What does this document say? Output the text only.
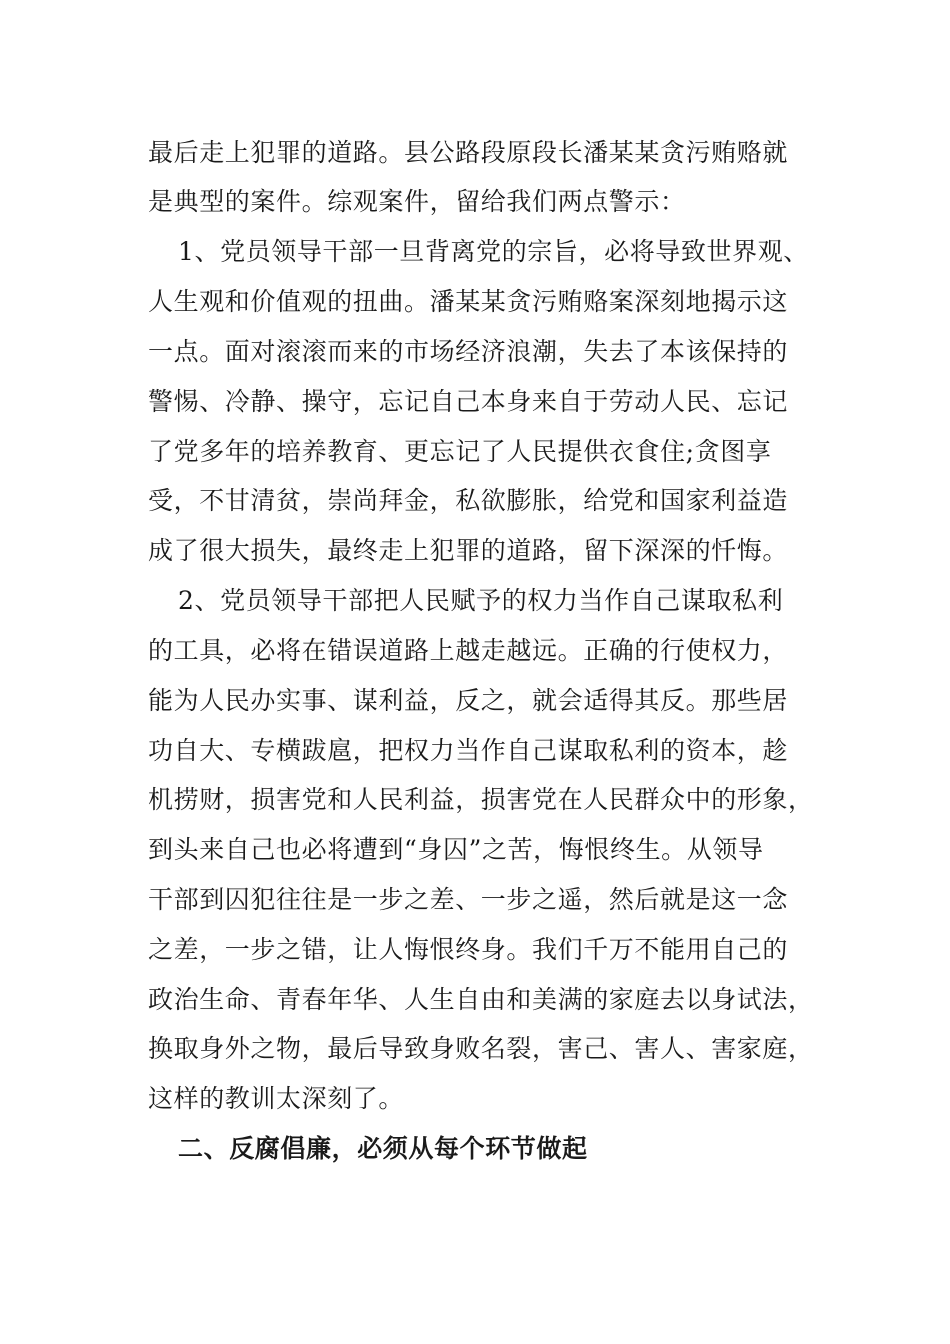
最后走上犯罪的道路。县公路段原段长潘某某贪污贿赂就
是典型的案件。综观案件，留给我们两点警示：
1、党员领导干部一旦背离党的宗旨，必将导致世界观、
人生观和价值观的扭曲。潘某某贪污贿赂案深刻地揭示这
一点。面对滚滚而来的市场经济浪潮，失去了本该保持的
警惕、冷静、操守，忘记自己本身来自于劳动人民、忘记
了党多年的培养教育、更忘记了人民提供衣食住;贪图享
受，不甘清贫，崇尚拜金，私欲膨胀，给党和国家利益造
成了很大损失，最终走上犯罪的道路，留下深深的忏悔。
2、党员领导干部把人民赋予的权力当作自己谋取私利
的工具，必将在错误道路上越走越远。正确的行使权力，
能为人民办实事、谋利益，反之，就会适得其反。那些居
功自大、专横跋扈，把权力当作自己谋取私利的资本，趁
机捞财，损害党和人民利益，损害党在人民群众中的形象，
到头来自己也必将遭到“身囚”之苦，悔恨终生。从领导
干部到囚犯往往是一步之差、一步之遥，然后就是这一念
之差，一步之错，让人悔恨终身。我们千万不能用自己的
政治生命、青春年华、人生自由和美满的家庭去以身试法，
换取身外之物，最后导致身败名裂，害己、害人、害家庭，
这样的教训太深刻了。
二、反腐倡廉，必须从每个环节做起
